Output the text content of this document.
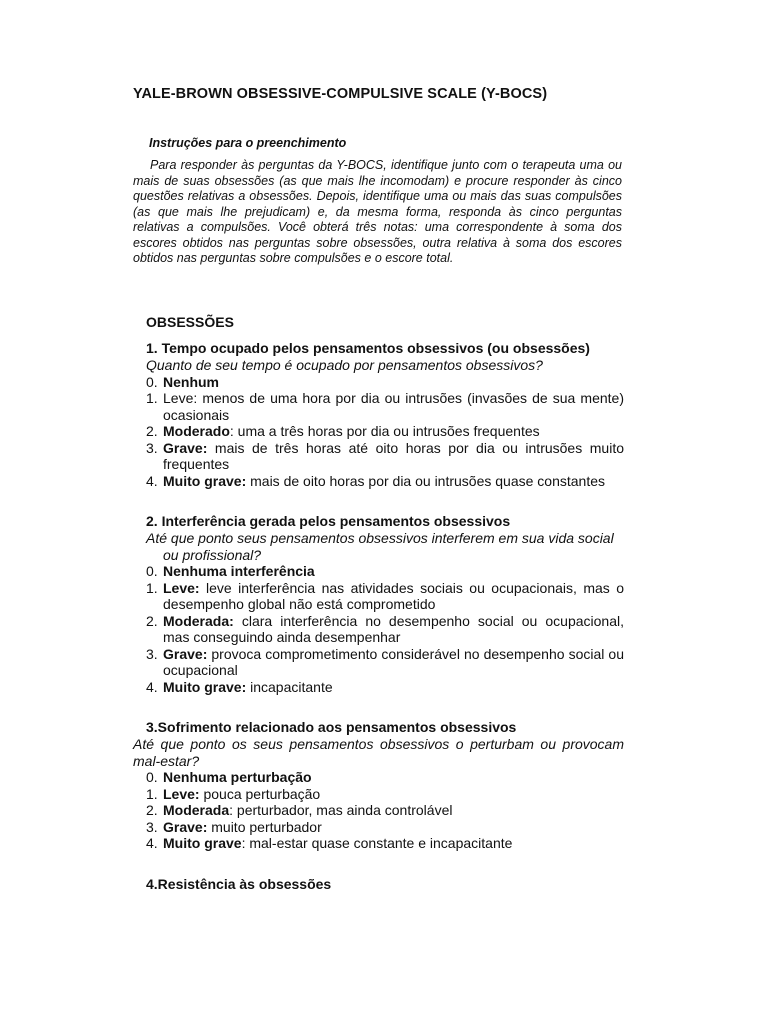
YALE-BROWN OBSESSIVE-COMPULSIVE SCALE (Y-BOCS)
Instruções para o preenchimento

Para responder às perguntas da Y-BOCS, identifique junto com o terapeuta uma ou mais de suas obsessões (as que mais lhe incomodam) e procure responder às cinco questões relativas a obsessões. Depois, identifique uma ou mais das suas compulsões (as que mais lhe prejudicam) e, da mesma forma, responda às cinco perguntas relativas a compulsões. Você obterá três notas: uma correspondente à soma dos escores obtidos nas perguntas sobre obsessões, outra relativa à soma dos escores obtidos nas perguntas sobre compulsões e o escore total.

OBSESSÕES
1. Tempo ocupado pelos pensamentos obsessivos (ou obsessões)
Quanto de seu tempo é ocupado por pensamentos obsessivos?
0. Nenhum
1. Leve: menos de uma hora por dia ou intrusões (invasões de sua mente) ocasionais
2. Moderado: uma a três horas por dia ou intrusões frequentes
3. Grave: mais de três horas até oito horas por dia ou intrusões muito frequentes
4. Muito grave: mais de oito horas por dia ou intrusões quase constantes
2. Interferência gerada pelos pensamentos obsessivos
Até que ponto seus pensamentos obsessivos interferem em sua vida social
ou profissional?
0. Nenhuma interferência
1. Leve: leve interferência nas atividades sociais ou ocupacionais, mas o desempenho global não está comprometido
2. Moderada: clara interferência no desempenho social ou ocupacional, mas conseguindo ainda desempenhar
3. Grave: provoca comprometimento considerável no desempenho social ou ocupacional
4. Muito grave: incapacitante
3.Sofrimento relacionado aos pensamentos obsessivos
Até que ponto os seus pensamentos obsessivos o perturbam ou provocam mal-estar?
0. Nenhuma perturbação
1. Leve: pouca perturbação
2. Moderada: perturbador, mas ainda controlável
3. Grave: muito perturbador
4. Muito grave: mal-estar quase constante e incapacitante
4.Resistência às obsessões
